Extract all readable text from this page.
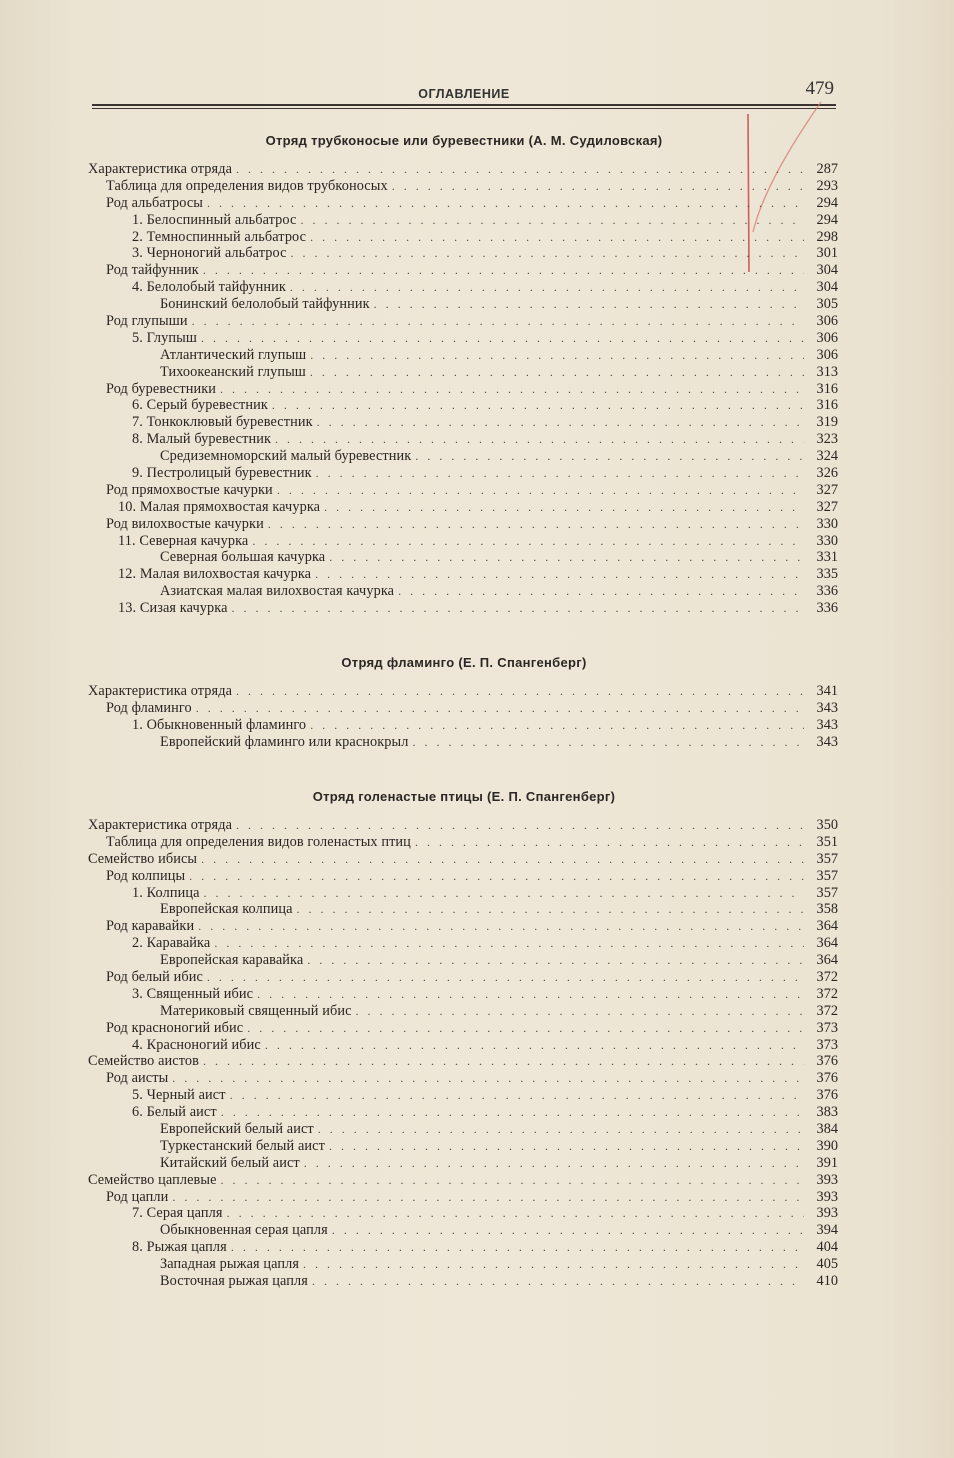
ОГЛАВЛЕНИЕ	479
Отряд трубконосые или буревестники (А. М. Судиловская)
Характеристика отряда . . .	287
Таблица для определения видов трубконосых . . .	293
Род альбатросы . . .	294
1. Белоспинный альбатрос . . .	294
2. Темноспинный альбатрос . . .	298
3. Черноногий альбатрос . . .	301
Род тайфунник . . .	304
4. Белолобый тайфунник . . .	304
Бонинский белолобый тайфунник . . .	305
Род глупыши . . .	306
5. Глупыш . . .	306
Атлантический глупыш . . .	306
Тихоокеанский глупыш . . .	313
Род буревестники . . .	316
6. Серый буревестник . . .	316
7. Тонкоклювый буревестник . . .	319
8. Малый буревестник . . .	323
Средиземноморский малый буревестник . . .	324
9. Пестролицый буревестник . . .	326
Род прямохвостые качурки . . .	327
10. Малая прямохвостая качурка . . .	327
Род вилохвостые качурки . . .	330
11. Северная качурка . . .	330
Северная большая качурка . . .	331
12. Малая вилохвостая качурка . . .	335
Азиатская малая вилохвостая качурка . . .	336
13. Сизая качурка . . .	336
Отряд фламинго (Е. П. Спангенберг)
Характеристика отряда . . .	341
Род фламинго . . .	343
1. Обыкновенный фламинго . . .	343
Европейский фламинго или краснокрыл . . .	343
Отряд голенастые птицы (Е. П. Спангенберг)
Характеристика отряда . . .	350
Таблица для определения видов голенастых птиц . . .	351
Семейство ибисы . . .	357
Род колпицы . . .	357
1. Колпица . . .	357
Европейская колпица . . .	358
Род каравайки . . .	364
2. Каравайка . . .	364
Европейская каравайка . . .	364
Род белый ибис . . .	372
3. Священный ибис . . .	372
Материковый священный ибис . . .	372
Род красноногий ибис . . .	373
4. Красноногий ибис . . .	373
Семейство аистов . . .	376
Род аисты . . .	376
5. Черный аист . . .	376
6. Белый аист . . .	383
Европейский белый аист . . .	384
Туркестанский белый аист . . .	390
Китайский белый аист . . .	391
Семейство цаплевые . . .	393
Род цапли . . .	393
7. Серая цапля . . .	393
Обыкновенная серая цапля . . .	394
8. Рыжая цапля . . .	404
Западная рыжая цапля . . .	405
Восточная рыжая цапля . . .	410
